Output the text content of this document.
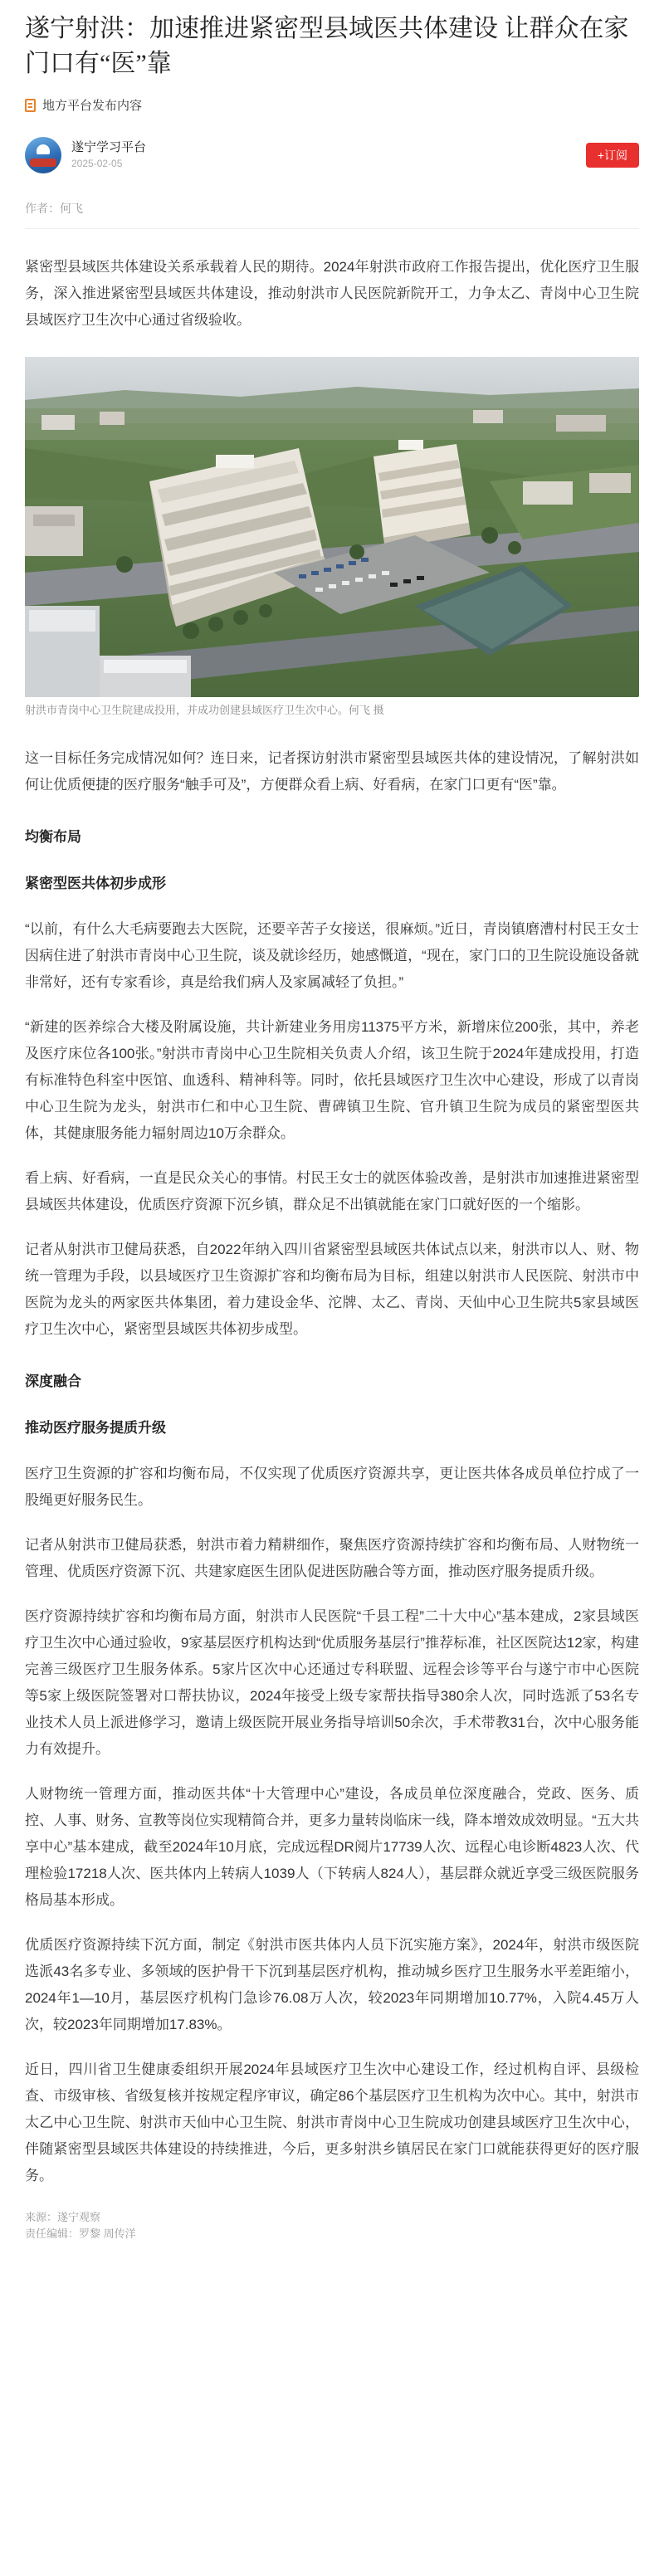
遂宁射洪：加速推进紧密型县域医共体建设 让群众在家门口有“医”靠
地方平台发布内容
遂宁学习平台
2025-02-05
+订阅
作者：何飞

紧密型县域医共体建设关系承载着人民的期待。2024年射洪市政府工作报告提出，优化医疗卫生服务，深入推进紧密型县域医共体建设，推动射洪市人民医院新院开工，力争太乙、青岗中心卫生院县域医疗卫生次中心通过省级验收。

射洪市青岗中心卫生院建成投用，并成功创建县域医疗卫生次中心。何飞 摄

这一目标任务完成情况如何？连日来，记者探访射洪市紧密型县域医共体的建设情况，了解射洪如何让优质便捷的医疗服务“触手可及”，方便群众看上病、好看病，在家门口更有“医”靠。

均衡布局
紧密型医共体初步成形

“以前，有什么大毛病要跑去大医院，还要辛苦子女接送，很麻烦。”近日，青岗镇磨漕村村民王女士因病住进了射洪市青岗中心卫生院，谈及就诊经历，她感慨道，“现在，家门口的卫生院设施设备就非常好，还有专家看诊，真是给我们病人及家属减轻了负担。”

“新建的医养综合大楼及附属设施，共计新建业务用房11375平方米，新增床位200张，其中，养老及医疗床位各100张。”射洪市青岗中心卫生院相关负责人介绍，该卫生院于2024年建成投用，打造有标准特色科室中医馆、血透科、精神科等。同时，依托县域医疗卫生次中心建设，形成了以青岗中心卫生院为龙头，射洪市仁和中心卫生院、曹碑镇卫生院、官升镇卫生院为成员的紧密型医共体，其健康服务能力辐射周边10万余群众。

看上病、好看病，一直是民众关心的事情。村民王女士的就医体验改善，是射洪市加速推进紧密型县域医共体建设，优质医疗资源下沉乡镇，群众足不出镇就能在家门口就好医的一个缩影。

记者从射洪市卫健局获悉，自2022年纳入四川省紧密型县域医共体试点以来，射洪市以人、财、物统一管理为手段，以县域医疗卫生资源扩容和均衡布局为目标，组建以射洪市人民医院、射洪市中医院为龙头的两家医共体集团，着力建设金华、沱牌、太乙、青岗、天仙中心卫生院共5家县域医疗卫生次中心，紧密型县域医共体初步成型。

深度融合
推动医疗服务提质升级

医疗卫生资源的扩容和均衡布局，不仅实现了优质医疗资源共享，更让医共体各成员单位拧成了一股绳更好服务民生。

记者从射洪市卫健局获悉，射洪市着力精耕细作，聚焦医疗资源持续扩容和均衡布局、人财物统一管理、优质医疗资源下沉、共建家庭医生团队促进医防融合等方面，推动医疗服务提质升级。

医疗资源持续扩容和均衡布局方面，射洪市人民医院“千县工程”二十大中心”基本建成，2家县域医疗卫生次中心通过验收，9家基层医疗机构达到“优质服务基层行”推荐标准，社区医院达12家，构建完善三级医疗卫生服务体系。5家片区次中心还通过专科联盟、远程会诊等平台与遂宁市中心医院等5家上级医院签署对口帮扶协议，2024年接受上级专家帮扶指导380余人次，同时选派了53名专业技术人员上派进修学习，邀请上级医院开展业务指导培训50余次，手术带教31台，次中心服务能力有效提升。

人财物统一管理方面，推动医共体“十大管理中心”建设，各成员单位深度融合，党政、医务、质控、人事、财务、宣教等岗位实现精简合并，更多力量转岗临床一线，降本增效成效明显。“五大共享中心”基本建成，截至2024年10月底，完成远程DR阅片17739人次、远程心电诊断4823人次、代理检验17218人次、医共体内上转病人1039人（下转病人824人），基层群众就近享受三级医院服务格局基本形成。

优质医疗资源持续下沉方面，制定《射洪市医共体内人员下沉实施方案》，2024年，射洪市级医院选派43名多专业、多领域的医护骨干下沉到基层医疗机构，推动城乡医疗卫生服务水平差距缩小，2024年1—10月，基层医疗机构门急诊76.08万人次，较2023年同期增加10.77%，入院4.45万人次，较2023年同期增加17.83%。

近日，四川省卫生健康委组织开展2024年县域医疗卫生次中心建设工作，经过机构自评、县级检查、市级审核、省级复核并按规定程序审议，确定86个基层医疗卫生机构为次中心。其中，射洪市太乙中心卫生院、射洪市天仙中心卫生院、射洪市青岗中心卫生院成功创建县域医疗卫生次中心，伴随紧密型县域医共体建设的持续推进，今后，更多射洪乡镇居民在家门口就能获得更好的医疗服务。

来源：遂宁观察
责任编辑：罗黎 周传洋
